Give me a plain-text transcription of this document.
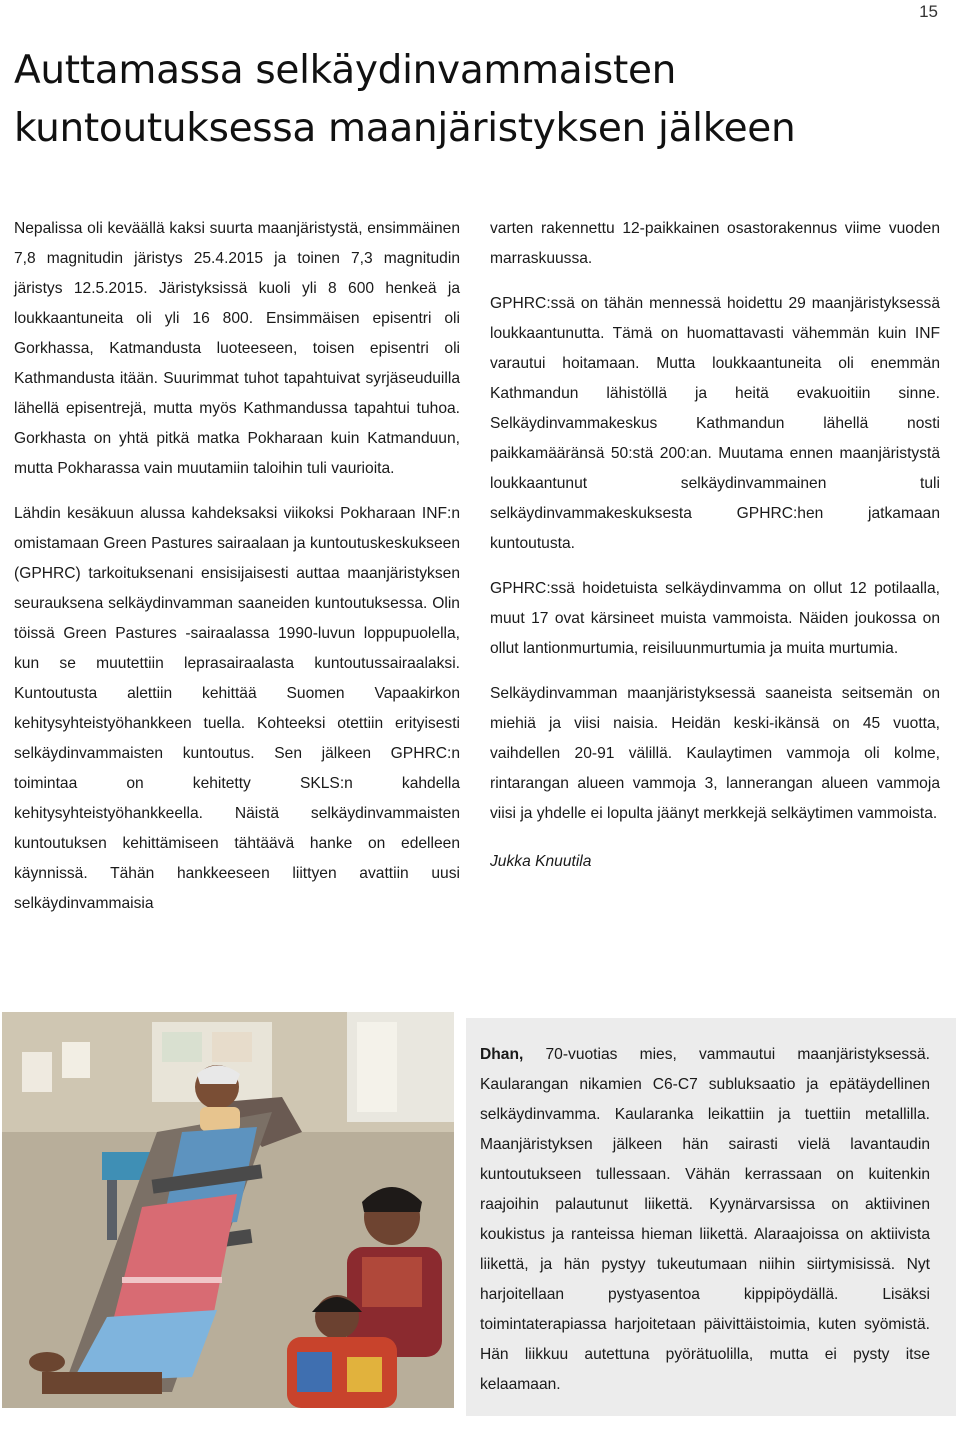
15
Auttamassa selkäydinvammaisten kuntoutuksessa maanjäristyksen jälkeen

Nepalissa oli keväällä kaksi suurta maanjäristystä, ensimmäinen 7,8 magnitudin järistys 25.4.2015 ja toinen 7,3 magnitudin järistys 12.5.2015. Järistyksissä kuoli yli 8 600 henkeä ja loukkaantuneita oli yli 16 800. Ensimmäisen episentri oli Gorkhassa, Katmandusta luoteeseen, toisen episentri oli Kathmandusta itään. Suurimmat tuhot tapahtuivat syrjäseuduilla lähellä episentrejä, mutta myös Kathmandussa tapahtui tuhoa. Gorkhasta on yhtä pitkä matka Pokharaan kuin Katmanduun, mutta Pokharassa vain muutamiin taloihin tuli vaurioita.

Lähdin kesäkuun alussa kahdeksaksi viikoksi Pokharaan INF:n omistamaan Green Pastures sairaalaan ja kuntoutuskeskukseen (GPHRC) tarkoituksenani ensisijaisesti auttaa maanjäristyksen seurauksena selkäydinvamman saaneiden kuntoutuksessa. Olin töissä Green Pastures -sairaalassa 1990-luvun loppupuolella, kun se muutettiin leprasairaalasta kuntoutussairaalaksi. Kuntoutusta alettiin kehittää Suomen Vapaakirkon kehitysyhteistyöhankkeen tuella. Kohteeksi otettiin erityisesti selkäydinvammaisten kuntoutus. Sen jälkeen GPHRC:n toimintaa on kehitetty SKLS:n kahdella kehitysyhteistyöhankkeella. Näistä selkäydinvammaisten kuntoutuksen kehittämiseen tähtäävä hanke on edelleen käynnissä. Tähän hankkeeseen liittyen avattiin uusi selkäydinvammaisia

varten rakennettu 12-paikkainen osastorakennus viime vuoden marraskuussa.

GPHRC:ssä on tähän mennessä hoidettu 29 maanjäristyksessä loukkaantunutta. Tämä on huomattavasti vähemmän kuin INF varautui hoitamaan. Mutta loukkaantuneita oli enemmän Kathmandun lähistöllä ja heitä evakuoitiin sinne. Selkäydinvammakeskus Kathmandun lähellä nosti paikkamääränsä 50:stä 200:an. Muutama ennen maanjäristystä loukkaantunut selkäydinvammainen tuli selkäydinvammakeskuksesta GPHRC:hen jatkamaan kuntoutusta.

GPHRC:ssä hoidetuista selkäydinvamma on ollut 12 potilaalla, muut 17 ovat kärsineet muista vammoista. Näiden joukossa on ollut lantionmurtumia, reisiluunmurtumia ja muita murtumia.

Selkäydinvamman maanjäristyksessä saaneista seitsemän on miehiä ja viisi naisia. Heidän keski-ikänsä on 45 vuotta, vaihdellen 20-91 välillä. Kaulaytimen vammoja oli kolme, rintarangan alueen vammoja 3, lannerangan alueen vammoja viisi ja yhdelle ei lopulta jäänyt merkkejä selkäytimen vammoista.

Jukka Knuutila

Dhan, 70-vuotias mies, vammautui maanjäristyksessä. Kaularangan nikamien C6-C7 subluksaatio ja epätäydellinen selkäydinvamma. Kaularanka leikattiin ja tuettiin metallilla. Maanjäristyksen jälkeen hän sairasti vielä lavantaudin kuntoutukseen tullessaan. Vähän kerrassaan on kuitenkin raajoihin palautunut liikettä. Kyynärvarsissa on aktiivinen koukistus ja ranteissa hieman liikettä. Alaraajoissa on aktiivista liikettä, ja hän pystyy tukeutumaan niihin siirtymisissä. Nyt harjoitellaan pystyasentoa kippipöydällä. Lisäksi toimintaterapiassa harjoitetaan päivittäistoimia, kuten syömistä. Hän liikkuu autettuna pyörätuolilla, mutta ei pysty itse kelaamaan.
